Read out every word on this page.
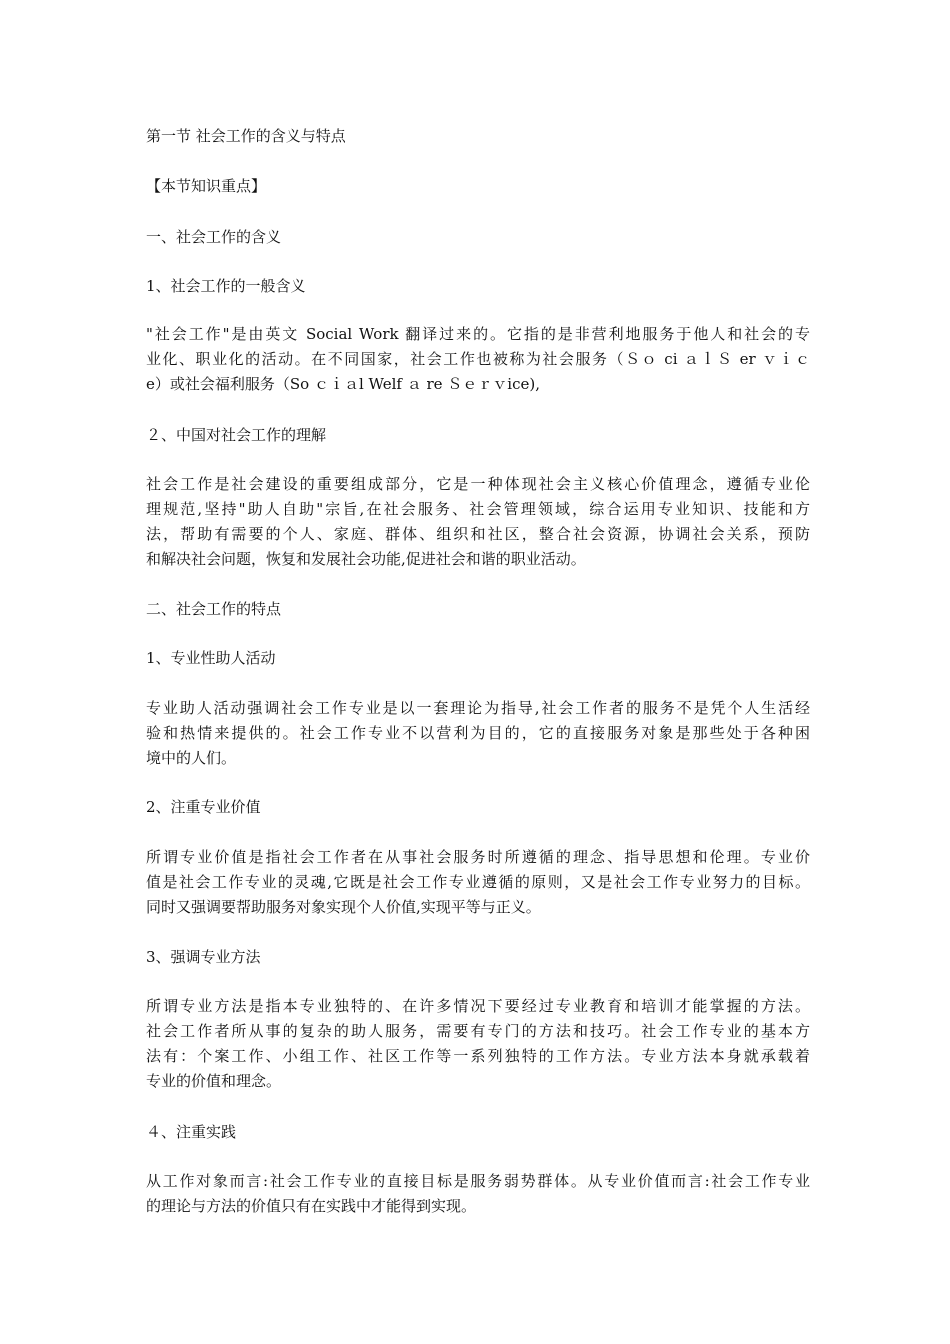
第一节 社会工作的含义与特点

【本节知识重点】

一、社会工作的含义

1、社会工作的一般含义

"社会工作"是由英文 Social Work 翻译过来的。它指的是非营利地服务于他人和社会的专
业化、职业化的活动。在不同国家，社会工作也被称为社会服务（Ｓｏ ci ａｌＳ er ｖｉｃ
e）或社会福利服务（So ｃｉａl Welf ａ re Ｓｅｒｖice),

２、中国对社会工作的理解

社会工作是社会建设的重要组成部分，它是一种体现社会主义核心价值理念，遵循专业伦
理规范,坚持"助人自助"宗旨,在社会服务、社会管理领域，综合运用专业知识、技能和方
法，帮助有需要的个人、家庭、群体、组织和社区，整合社会资源，协调社会关系，预防
和解决社会问题，恢复和发展社会功能,促进社会和谐的职业活动。

二、社会工作的特点

1、专业性助人活动

专业助人活动强调社会工作专业是以一套理论为指导,社会工作者的服务不是凭个人生活经
验和热情来提供的。社会工作专业不以营利为目的，它的直接服务对象是那些处于各种困
境中的人们。

2、注重专业价值

所谓专业价值是指社会工作者在从事社会服务时所遵循的理念、指导思想和伦理。专业价
值是社会工作专业的灵魂,它既是社会工作专业遵循的原则，又是社会工作专业努力的目标。
同时又强调要帮助服务对象实现个人价值,实现平等与正义。

3、强调专业方法

所谓专业方法是指本专业独特的、在许多情况下要经过专业教育和培训才能掌握的方法。
社会工作者所从事的复杂的助人服务，需要有专门的方法和技巧。社会工作专业的基本方
法有：个案工作、小组工作、社区工作等一系列独特的工作方法。专业方法本身就承载着
专业的价值和理念。

４、注重实践

从工作对象而言:社会工作专业的直接目标是服务弱势群体。从专业价值而言:社会工作专业
的理论与方法的价值只有在实践中才能得到实现。
